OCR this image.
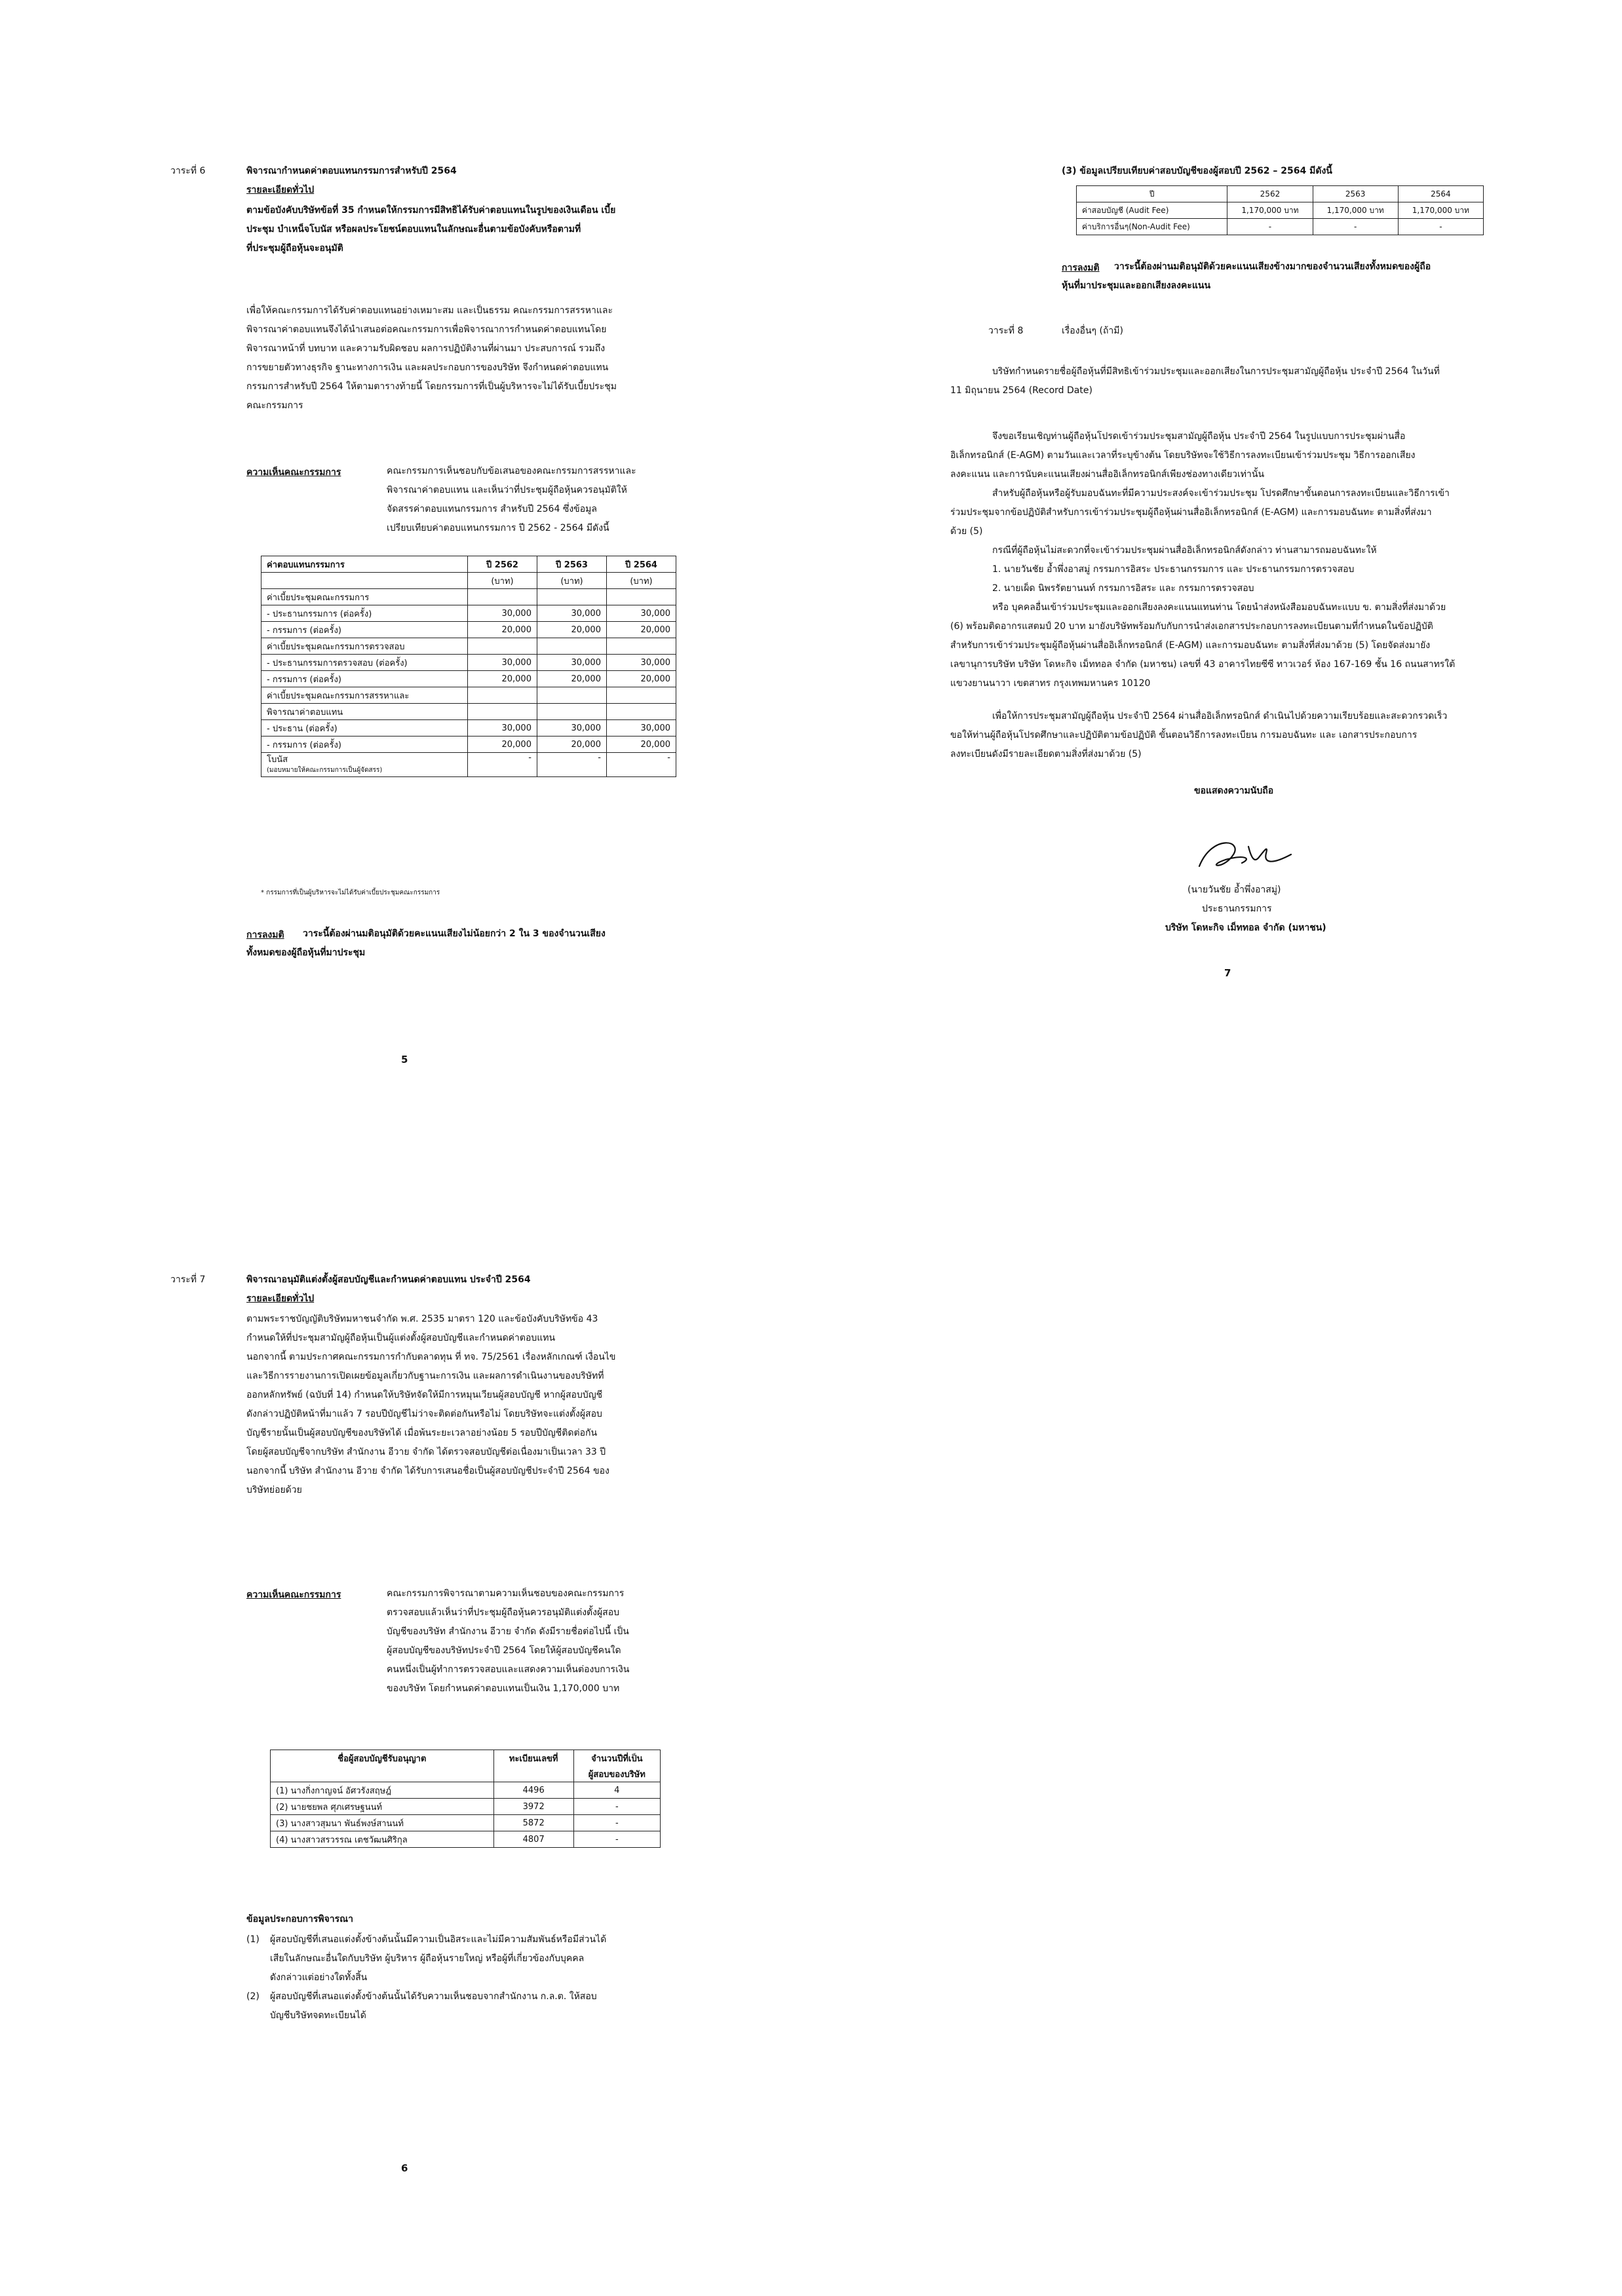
วาระที่ 6	พิจารณากำหนดค่าตอบแทนกรรมการสำหรับปี 2564
รายละเอียดทั่วไป
ตามข้อบังคับบริษัทข้อที่ 35 กำหนดให้กรรมการมีสิทธิได้รับค่าตอบแทนในรูปของเงินเดือน เบี้ย
ประชุม บำเหน็จโบนัส หรือผลประโยชน์ตอบแทนในลักษณะอื่นตามข้อบังคับหรือตามที่
ที่ประชุมผู้ถือหุ้นจะอนุมัติ
เพื่อให้คณะกรรมการได้รับค่าตอบแทนอย่างเหมาะสม และเป็นธรรม คณะกรรมการสรรหาและ
พิจารณาค่าตอบแทนจึงได้นำเสนอต่อคณะกรรมการเพื่อพิจารณาการกำหนดค่าตอบแทนโดย
พิจารณาหน้าที่ บทบาท และความรับผิดชอบ ผลการปฏิบัติงานที่ผ่านมา ประสบการณ์ รวมถึง
การขยายตัวทางธุรกิจ ฐานะทางการเงิน และผลประกอบการของบริษัท จึงกำหนดค่าตอบแทน
กรรมการสำหรับปี 2564 ให้ตามตารางท้ายนี้ โดยกรรมการที่เป็นผู้บริหารจะไม่ได้รับเบี้ยประชุม
คณะกรรมการ
ความเห็นคณะกรรมการ	คณะกรรมการเห็นชอบกับข้อเสนอของคณะกรรมการสรรหาและ
พิจารณาค่าตอบแทน และเห็นว่าที่ประชุมผู้ถือหุ้นควรอนุมัติให้
จัดสรรค่าตอบแทนกรรมการ สำหรับปี 2564 ซึ่งข้อมูล
เปรียบเทียบค่าตอบแทนกรรมการ ปี 2562 - 2564 มีดังนี้
ค่าตอบแทนกรรมการ	ปี 2562	ปี 2563	ปี 2564
	(บาท)	(บาท)	(บาท)
ค่าเบี้ยประชุมคณะกรรมการ			
- ประธานกรรมการ (ต่อครั้ง)	30,000	30,000	30,000
- กรรมการ (ต่อครั้ง)	20,000	20,000	20,000
ค่าเบี้ยประชุมคณะกรรมการตรวจสอบ			
- ประธานกรรมการตรวจสอบ (ต่อครั้ง)	30,000	30,000	30,000
- กรรมการ (ต่อครั้ง)	20,000	20,000	20,000
ค่าเบี้ยประชุมคณะกรรมการสรรหาและ			
พิจารณาค่าตอบแทน			
- ประธาน (ต่อครั้ง)	30,000	30,000	30,000
- กรรมการ (ต่อครั้ง)	20,000	20,000	20,000

โบนัส
(มอบหมายให้คณะกรรมการเป็นผู้จัดสรร)	-	-	-
* กรรมการที่เป็นผู้บริหารจะไม่ได้รับค่าเบี้ยประชุมคณะกรรมการ
การลงมติ	วาระนี้ต้องผ่านมติอนุมัติด้วยคะแนนเสียงไม่น้อยกว่า 2 ใน 3 ของจำนวนเสียง
ทั้งหมดของผู้ถือหุ้นที่มาประชุม
5
(3) ข้อมูลเปรียบเทียบค่าสอบบัญชีของผู้สอบปี 2562 – 2564 มีดังนี้
ปี	2562	2563	2564
ค่าสอบบัญชี (Audit Fee)	1,170,000 บาท	1,170,000 บาท	1,170,000 บาท
ค่าบริการอื่นๆ(Non-Audit Fee)	-	-	-
การลงมติ	วาระนี้ต้องผ่านมติอนุมัติด้วยคะแนนเสียงข้างมากของจำนวนเสียงทั้งหมดของผู้ถือ
หุ้นที่มาประชุมและออกเสียงลงคะแนน
วาระที่ 8	เรื่องอื่นๆ (ถ้ามี)
บริษัทกำหนดรายชื่อผู้ถือหุ้นที่มีสิทธิเข้าร่วมประชุมและออกเสียงในการประชุมสามัญผู้ถือหุ้น ประจำปี 2564 ในวันที่
11 มิถุนายน 2564 (Record Date)
จึงขอเรียนเชิญท่านผู้ถือหุ้นโปรดเข้าร่วมประชุมสามัญผู้ถือหุ้น ประจำปี 2564 ในรูปแบบการประชุมผ่านสื่อ
อิเล็กทรอนิกส์ (E-AGM) ตามวันและเวลาที่ระบุข้างต้น โดยบริษัทจะใช้วิธีการลงทะเบียนเข้าร่วมประชุม วิธีการออกเสียง
ลงคะแนน และการนับคะแนนเสียงผ่านสื่ออิเล็กทรอนิกส์เพียงช่องทางเดียวเท่านั้น
สำหรับผู้ถือหุ้นหรือผู้รับมอบฉันทะที่มีความประสงค์จะเข้าร่วมประชุม โปรดศึกษาขั้นตอนการลงทะเบียนและวิธีการเข้า
ร่วมประชุมจากข้อปฏิบัติสำหรับการเข้าร่วมประชุมผู้ถือหุ้นผ่านสื่ออิเล็กทรอนิกส์ (E-AGM) และการมอบฉันทะ ตามสิ่งที่ส่งมา
ด้วย (5)
กรณีที่ผู้ถือหุ้นไม่สะดวกที่จะเข้าร่วมประชุมผ่านสื่ออิเล็กทรอนิกส์ดังกล่าว ท่านสามารถมอบฉันทะให้
1. นายวันชัย อ้ำพึ่งอาสมู่ กรรมการอิสระ ประธานกรรมการ และ ประธานกรรมการตรวจสอบ
2. นายเผ็ด นิพรรัตยานนท์ กรรมการอิสระ และ กรรมการตรวจสอบ
หรือ บุคคลอื่นเข้าร่วมประชุมและออกเสียงลงคะแนนแทนท่าน โดยนำส่งหนังสือมอบฉันทะแบบ ข. ตามสิ่งที่ส่งมาด้วย
(6) พร้อมติดอากรแสตมป์ 20 บาท มายังบริษัทพร้อมกับกับการนำส่งเอกสารประกอบการลงทะเบียนตามที่กำหนดในข้อปฏิบัติ
สำหรับการเข้าร่วมประชุมผู้ถือหุ้นผ่านสื่ออิเล็กทรอนิกส์ (E-AGM) และการมอบฉันทะ ตามสิ่งที่ส่งมาด้วย (5) โดยจัดส่งมายัง
เลขานุการบริษัท บริษัท โดหะกิจ เม็ททอล จำกัด (มหาชน) เลขที่ 43 อาคารไทยซีซี ทาวเวอร์ ห้อง 167-169 ชั้น 16 ถนนสาทรใต้
แขวงยานนาวา เขตสาทร กรุงเทพมหานคร 10120
เพื่อให้การประชุมสามัญผู้ถือหุ้น ประจำปี 2564 ผ่านสื่ออิเล็กทรอนิกส์ ดำเนินไปด้วยความเรียบร้อยและสะดวกรวดเร็ว
ขอให้ท่านผู้ถือหุ้นโปรดศึกษาและปฏิบัติตามข้อปฏิบัติ ขั้นตอนวิธีการลงทะเบียน การมอบฉันทะ และ เอกสารประกอบการ
ลงทะเบียนดังมีรายละเอียดตามสิ่งที่ส่งมาด้วย (5)
ขอแสดงความนับถือ
(นายวันชัย อ้ำพึ่งอาสมู่)
ประธานกรรมการ
บริษัท โดหะกิจ เม็ททอล จำกัด (มหาชน)
7
วาระที่ 7	พิจารณาอนุมัติแต่งตั้งผู้สอบบัญชีและกำหนดค่าตอบแทน ประจำปี 2564
รายละเอียดทั่วไป
ตามพระราชบัญญัติบริษัทมหาชนจำกัด พ.ศ. 2535 มาตรา 120 และข้อบังคับบริษัทข้อ 43
กำหนดให้ที่ประชุมสามัญผู้ถือหุ้นเป็นผู้แต่งตั้งผู้สอบบัญชีและกำหนดค่าตอบแทน
นอกจากนี้ ตามประกาศคณะกรรมการกำกับตลาดทุน ที่ ทจ. 75/2561 เรื่องหลักเกณฑ์ เงื่อนไข
และวิธีการรายงานการเปิดเผยข้อมูลเกี่ยวกับฐานะการเงิน และผลการดำเนินงานของบริษัทที่
ออกหลักทรัพย์ (ฉบับที่ 14) กำหนดให้บริษัทจัดให้มีการหมุนเวียนผู้สอบบัญชี หากผู้สอบบัญชี
ดังกล่าวปฏิบัติหน้าที่มาแล้ว 7 รอบปีบัญชีไม่ว่าจะติดต่อกันหรือไม่ โดยบริษัทจะแต่งตั้งผู้สอบ
บัญชีรายนั้นเป็นผู้สอบบัญชีของบริษัทได้ เมื่อพ้นระยะเวลาอย่างน้อย 5 รอบปีบัญชีติดต่อกัน
โดยผู้สอบบัญชีจากบริษัท สำนักงาน อีวาย จำกัด ได้ตรวจสอบบัญชีต่อเนื่องมาเป็นเวลา 33 ปี
นอกจากนี้ บริษัท สำนักงาน อีวาย จำกัด ได้รับการเสนอชื่อเป็นผู้สอบบัญชีประจำปี 2564 ของ
บริษัทย่อยด้วย
ความเห็นคณะกรรมการ	คณะกรรมการพิจารณาตามความเห็นชอบของคณะกรรมการ
ตรวจสอบแล้วเห็นว่าที่ประชุมผู้ถือหุ้นควรอนุมัติแต่งตั้งผู้สอบ
บัญชีของบริษัท สำนักงาน อีวาย จำกัด ดังมีรายชื่อต่อไปนี้ เป็น
ผู้สอบบัญชีของบริษัทประจำปี 2564 โดยให้ผู้สอบบัญชีคนใด
คนหนึ่งเป็นผู้ทำการตรวจสอบและแสดงความเห็นต่องบการเงิน
ของบริษัท โดยกำหนดค่าตอบแทนเป็นเงิน 1,170,000 บาท
ชื่อผู้สอบบัญชีรับอนุญาต	ทะเบียนเลขที่	จำนวนปีที่เป็น
		ผู้สอบของบริษัท
(1) นางกิ่งกาญจน์ อัศวรังสฤษฎ์	4496	4
(2) นายชยพล ศุภเศรษฐนนท์	3972	-
(3) นางสาวสุมนา พันธ์พงษ์สานนท์	5872	-
(4) นางสาวสรวรรณ เตชวัฒนศิริกุล	4807	-
ข้อมูลประกอบการพิจารณา
(1) ผู้สอบบัญชีที่เสนอแต่งตั้งข้างต้นนั้นมีความเป็นอิสระและไม่มีความสัมพันธ์หรือมีส่วนได้
เสียในลักษณะอื่นใดกับบริษัท ผู้บริหาร ผู้ถือหุ้นรายใหญ่ หรือผู้ที่เกี่ยวข้องกับบุคคล
ดังกล่าวแต่อย่างใดทั้งสิ้น
(2) ผู้สอบบัญชีที่เสนอแต่งตั้งข้างต้นนั้นได้รับความเห็นชอบจากสำนักงาน ก.ล.ต. ให้สอบ
บัญชีบริษัทจดทะเบียนได้
6
